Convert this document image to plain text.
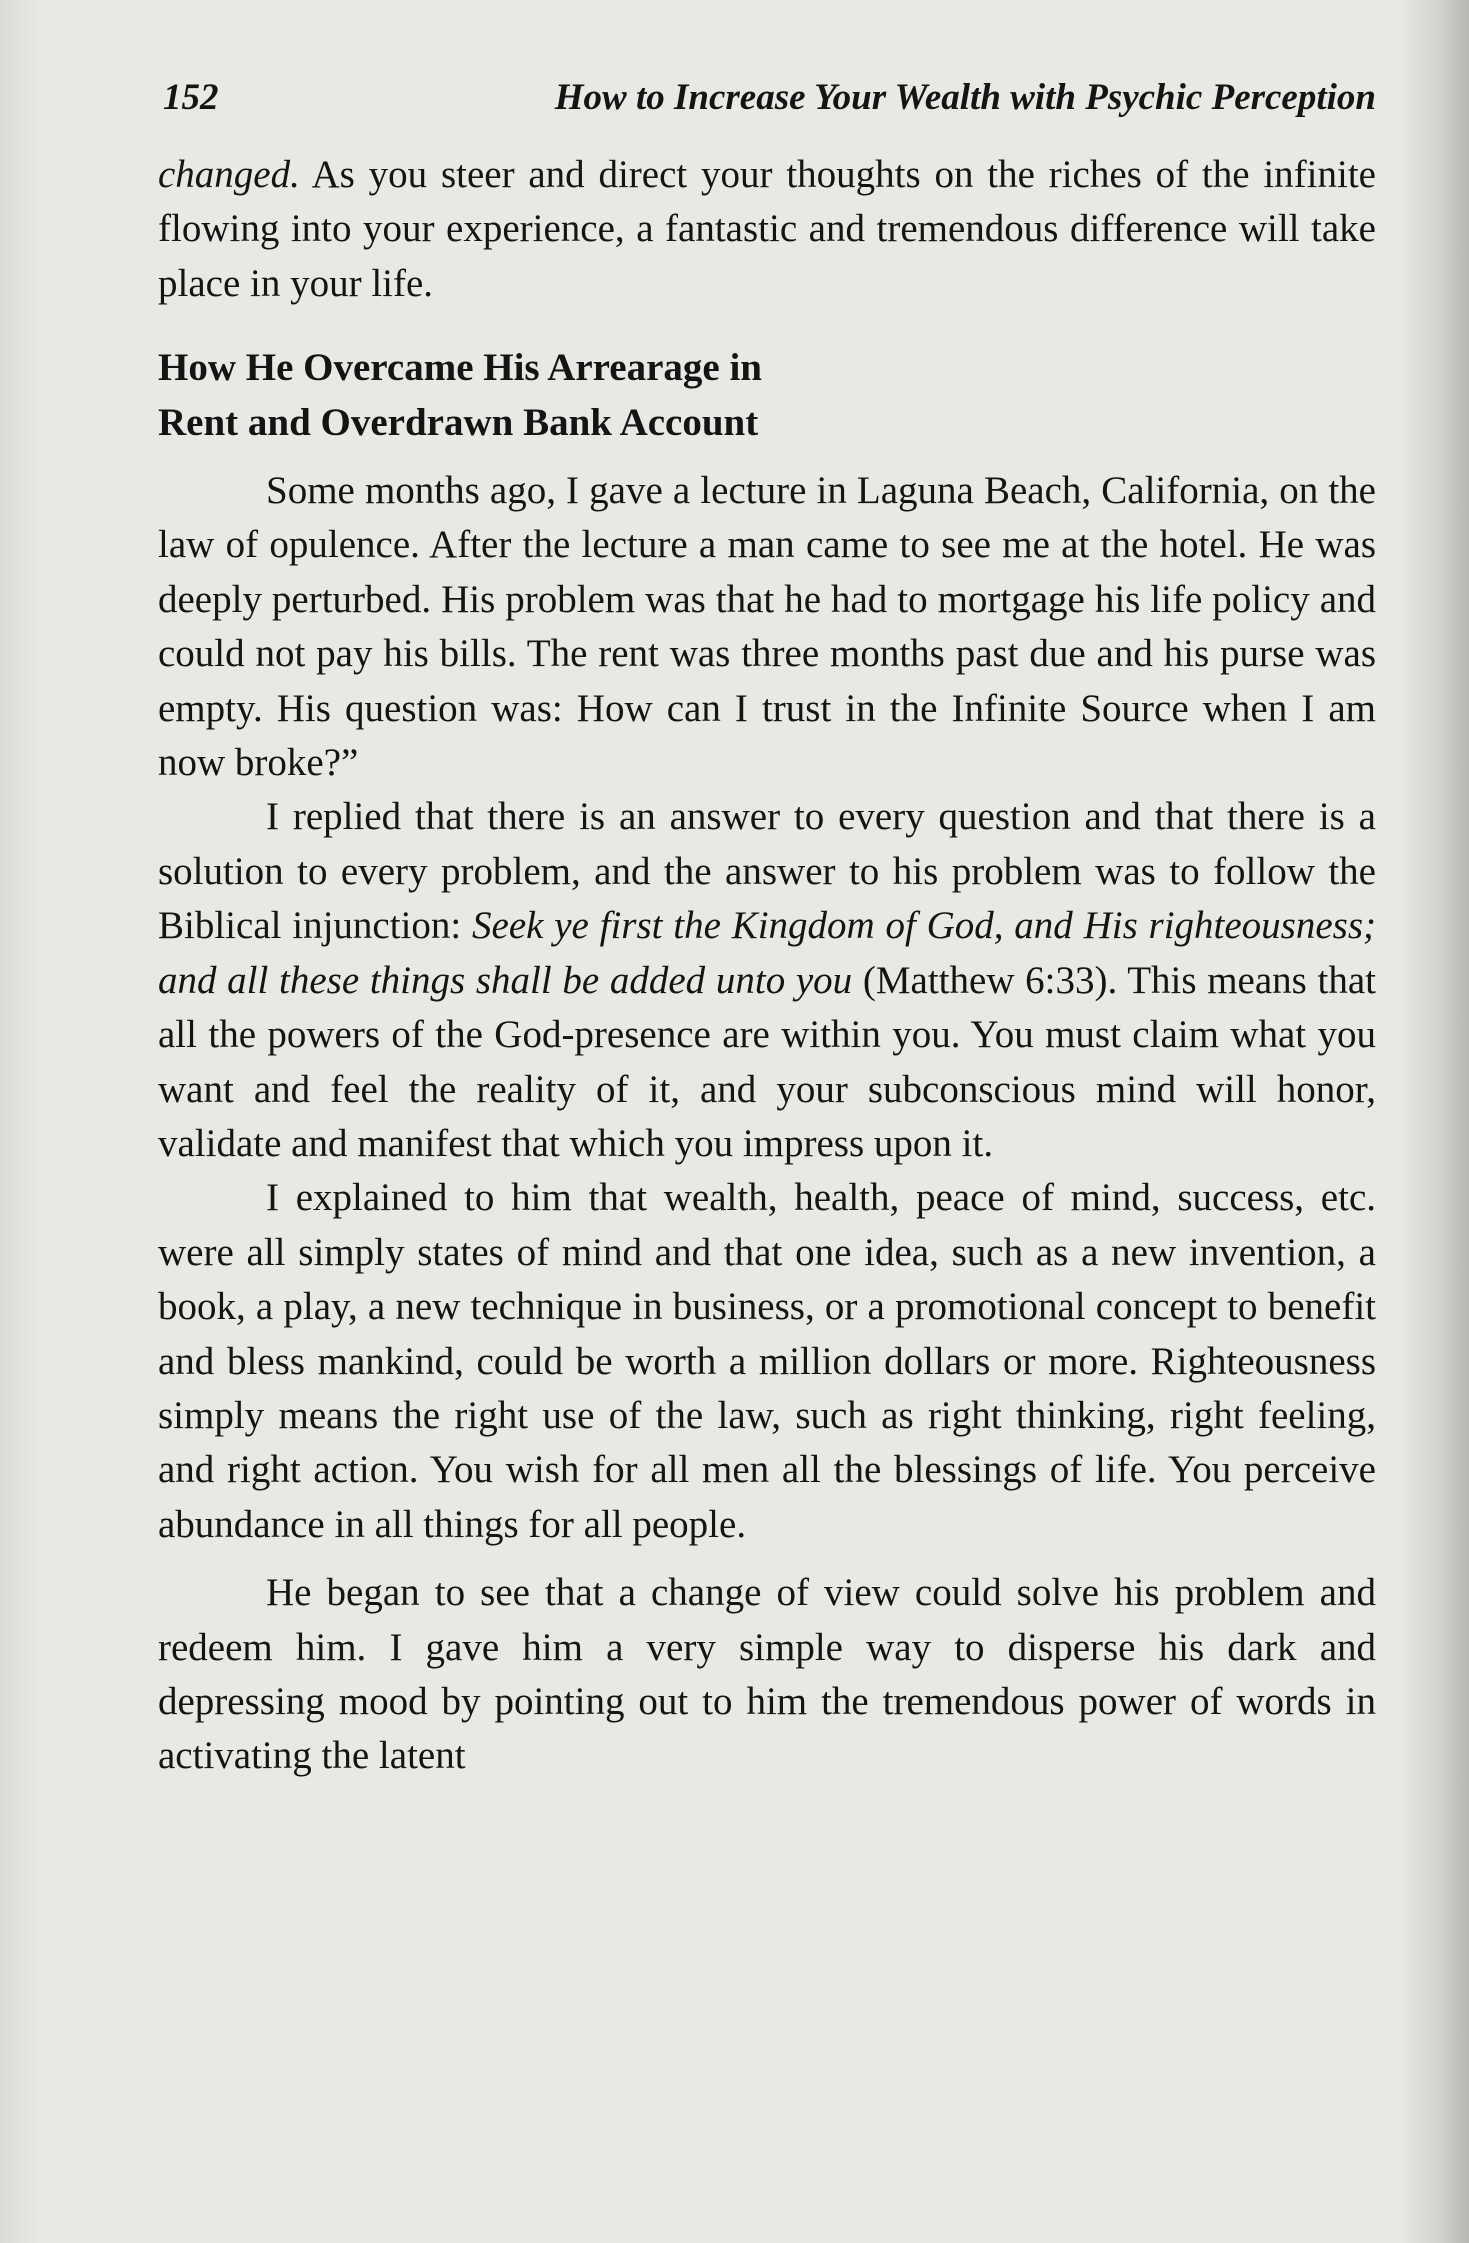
152	How to Increase Your Wealth with Psychic Perception

changed. As you steer and direct your thoughts on the riches of the infinite flowing into your experience, a fantastic and tremendous difference will take place in your life.

How He Overcame His Arrearage in
Rent and Overdrawn Bank Account

Some months ago, I gave a lecture in Laguna Beach, California, on the law of opulence. After the lecture a man came to see me at the hotel. He was deeply perturbed. His problem was that he had to mortgage his life policy and could not pay his bills. The rent was three months past due and his purse was empty. His question was: How can I trust in the Infinite Source when I am now broke?”

I replied that there is an answer to every question and that there is a solution to every problem, and the answer to his problem was to follow the Biblical injunction: Seek ye first the Kingdom of God, and His righteousness; and all these things shall be added unto you (Matthew 6:33). This means that all the powers of the God-presence are within you. You must claim what you want and feel the reality of it, and your subconscious mind will honor, validate and manifest that which you impress upon it.

I explained to him that wealth, health, peace of mind, success, etc. were all simply states of mind and that one idea, such as a new invention, a book, a play, a new technique in business, or a promotional concept to benefit and bless mankind, could be worth a million dollars or more. Righteousness simply means the right use of the law, such as right thinking, right feeling, and right action. You wish for all men all the blessings of life. You perceive abundance in all things for all people.

He began to see that a change of view could solve his problem and redeem him. I gave him a very simple way to disperse his dark and depressing mood by pointing out to him the tremendous power of words in activating the latent
